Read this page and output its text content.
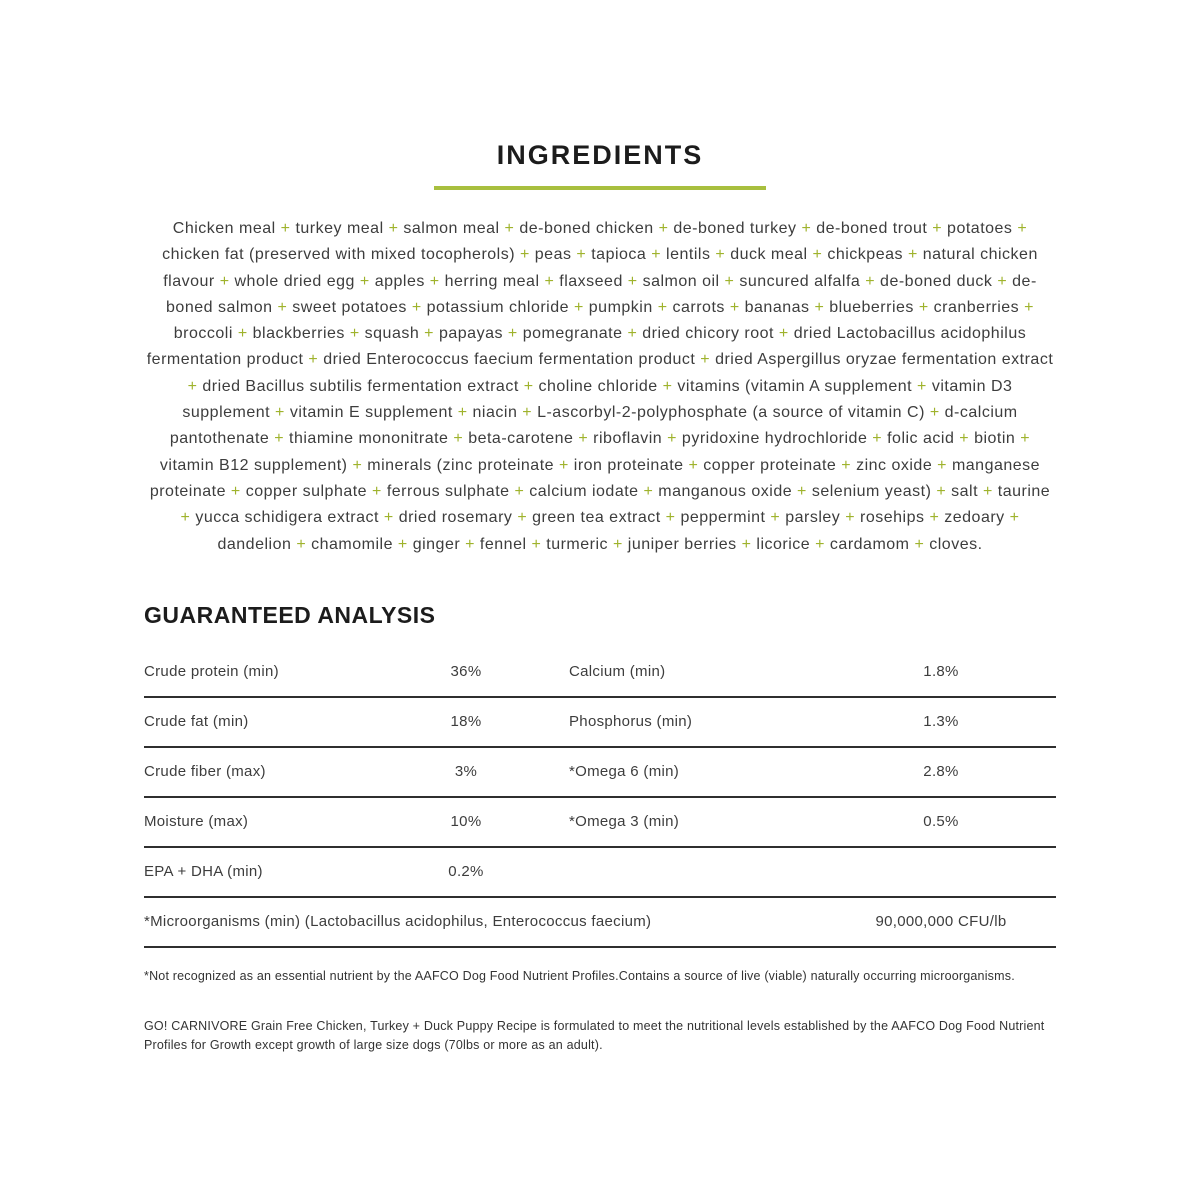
INGREDIENTS

Chicken meal + turkey meal + salmon meal + de-boned chicken + de-boned turkey + de-boned trout + potatoes + chicken fat (preserved with mixed tocopherols) + peas + tapioca + lentils + duck meal + chickpeas + natural chicken flavour + whole dried egg + apples + herring meal + flaxseed + salmon oil + suncured alfalfa + de-boned duck + de-boned salmon + sweet potatoes + potassium chloride + pumpkin + carrots + bananas + blueberries + cranberries + broccoli + blackberries + squash + papayas + pomegranate + dried chicory root + dried Lactobacillus acidophilus fermentation product + dried Enterococcus faecium fermentation product + dried Aspergillus oryzae fermentation extract + dried Bacillus subtilis fermentation extract + choline chloride + vitamins (vitamin A supplement + vitamin D3 supplement + vitamin E supplement + niacin + L-ascorbyl-2-polyphosphate (a source of vitamin C) + d-calcium pantothenate + thiamine mononitrate + beta-carotene + riboflavin + pyridoxine hydrochloride + folic acid + biotin + vitamin B12 supplement) + minerals (zinc proteinate + iron proteinate + copper proteinate + zinc oxide + manganese proteinate + copper sulphate + ferrous sulphate + calcium iodate + manganous oxide + selenium yeast) + salt + taurine + yucca schidigera extract + dried rosemary + green tea extract + peppermint + parsley + rosehips + zedoary + dandelion + chamomile + ginger + fennel + turmeric + juniper berries + licorice + cardamom + cloves.

GUARANTEED ANALYSIS
Crude protein (min)	36%	Calcium (min)	1.8%
Crude fat (min)	18%	Phosphorus (min)	1.3%
Crude fiber (max)	3%	*Omega 6 (min)	2.8%
Moisture (max)	10%	*Omega 3 (min)	0.5%
EPA + DHA (min)	0.2%
*Microorganisms (min) (Lactobacillus acidophilus, Enterococcus faecium)	90,000,000 CFU/lb

*Not recognized as an essential nutrient by the AAFCO Dog Food Nutrient Profiles.Contains a source of live (viable) naturally occurring microorganisms.

GO! CARNIVORE Grain Free Chicken, Turkey + Duck Puppy Recipe is formulated to meet the nutritional levels established by the AAFCO Dog Food Nutrient Profiles for Growth except growth of large size dogs (70lbs or more as an adult).
